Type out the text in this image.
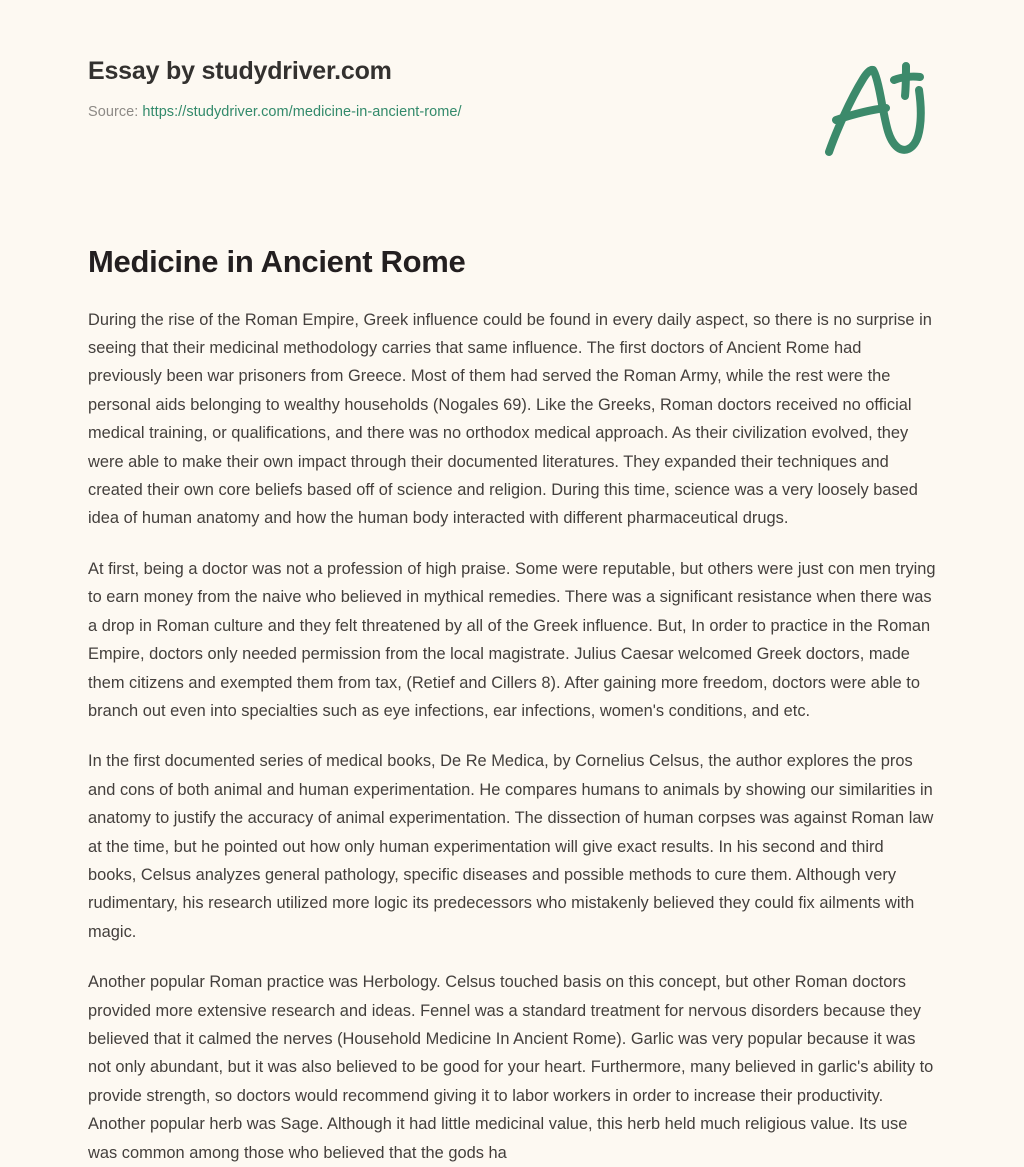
Essay by studydriver.com
Source: https://studydriver.com/medicine-in-ancient-rome/
Medicine in Ancient Rome

During the rise of the Roman Empire, Greek influence could be found in every daily aspect, so there is no surprise in seeing that their medicinal methodology carries that same influence. The first doctors of Ancient Rome had previously been war prisoners from Greece. Most of them had served the Roman Army, while the rest were the personal aids belonging to wealthy households (Nogales 69). Like the Greeks, Roman doctors received no official medical training, or qualifications, and there was no orthodox medical approach. As their civilization evolved, they were able to make their own impact through their documented literatures. They expanded their techniques and created their own core beliefs based off of science and religion. During this time, science was a very loosely based idea of human anatomy and how the human body interacted with different pharmaceutical drugs.

At first, being a doctor was not a profession of high praise. Some were reputable, but others were just con men trying to earn money from the naive who believed in mythical remedies. There was a significant resistance when there was a drop in Roman culture and they felt threatened by all of the Greek influence. But, In order to practice in the Roman Empire, doctors only needed permission from the local magistrate. Julius Caesar welcomed Greek doctors, made them citizens and exempted them from tax, (Retief and Cillers 8). After gaining more freedom, doctors were able to branch out even into specialties such as eye infections, ear infections, women's conditions, and etc.

In the first documented series of medical books, De Re Medica, by Cornelius Celsus, the author explores the pros and cons of both animal and human experimentation. He compares humans to animals by showing our similarities in anatomy to justify the accuracy of animal experimentation. The dissection of human corpses was against Roman law at the time, but he pointed out how only human experimentation will give exact results. In his second and third books, Celsus analyzes general pathology, specific diseases and possible methods to cure them. Although very rudimentary, his research utilized more logic its predecessors who mistakenly believed they could fix ailments with magic.

Another popular Roman practice was Herbology. Celsus touched basis on this concept, but other Roman doctors provided more extensive research and ideas. Fennel was a standard treatment for nervous disorders because they believed that it calmed the nerves (Household Medicine In Ancient Rome). Garlic was very popular because it was not only abundant, but it was also believed to be good for your heart. Furthermore, many believed in garlic's ability to provide strength, so doctors would recommend giving it to labor workers in order to increase their productivity. Another popular herb was Sage. Although it had little medicinal value, this herb held much religious value. Its use was common among those who believed that the gods ha
